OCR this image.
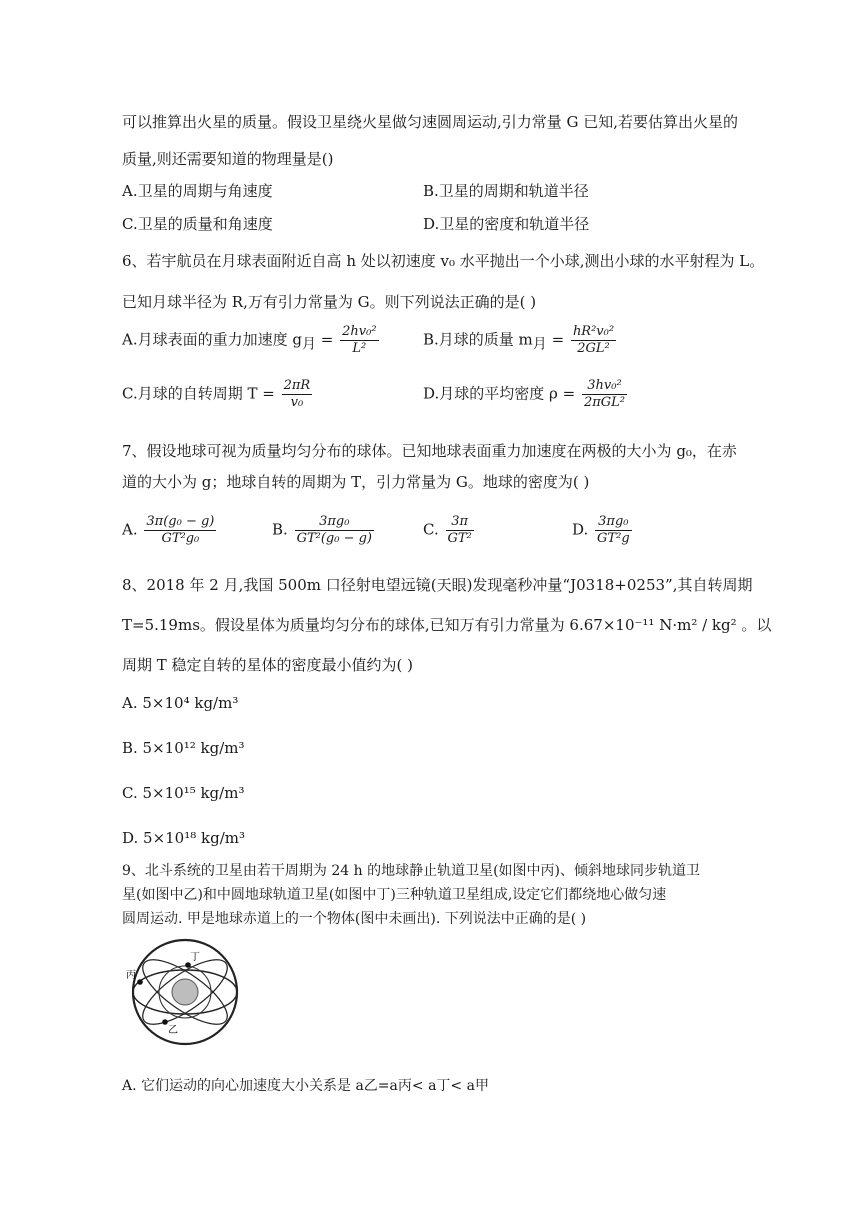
可以推算出火星的质量。假设卫星绕火星做匀速圆周运动,引力常量 G 已知,若要估算出火星的
质量,则还需要知道的物理量是()
A.卫星的周期与角速度	B.卫星的周期和轨道半径
C.卫星的质量和角速度	D.卫星的密度和轨道半径
6、若宇航员在月球表面附近自高 h 处以初速度 v₀ 水平抛出一个小球,测出小球的水平射程为 L。
已知月球半径为 R,万有引力常量为 G。则下列说法正确的是( )
A.月球表面的重力加速度 $g_月 = \frac{\text{2hv₀²}}{\text{L²}}$	B.月球的质量 $m_月 = \frac{\text{hR²v₀²}}{\text{2GL²}}$
C.月球的自转周期 $T = \frac{2\pi R}{\text{v₀}}$	D.月球的平均密度 $\rho = \frac{\text{3hv₀²}}{\text{2πGL²}}$
7、假设地球可视为质量均匀分布的球体。已知地球表面重力加速度在两极的大小为 g₀，在赤
道的大小为 g；地球自转的周期为 T，引力常量为 G。地球的密度为( )
A. $\frac{\text{3π(g₀ − g)}}{\text{GT²g₀}}$	B. $\frac{\text{3πg₀}}{\text{GT²(g₀ − g)}}$	C. $\frac{3\pi}{\text{GT²}}$	D. $\frac{\text{3πg₀}}{\text{GT²g}}$
8、2018 年 2 月,我国 500m 口径射电望远镜(天眼)发现毫秒冲量“J0318+0253”,其自转周期
T=5.19ms。假设星体为质量均匀分布的球体,已知万有引力常量为 6.67×10⁻¹¹ N·m² / kg² 。以
周期 T 稳定自转的星体的密度最小值约为( )
A. 5×10⁴ kg/m³
B. 5×10¹² kg/m³
C. 5×10¹⁵ kg/m³
D. 5×10¹⁸ kg/m³
9、北斗系统的卫星由若干周期为 24 h 的地球静止轨道卫星(如图中丙)、倾斜地球同步轨道卫
星(如图中乙)和中圆地球轨道卫星(如图中丁)三种轨道卫星组成,设定它们都绕地心做匀速
圆周运动. 甲是地球赤道上的一个物体(图中未画出). 下列说法中正确的是( )
丁
丙
乙
A. 它们运动的向心加速度大小关系是 a乙=a丙< a丁< a甲
